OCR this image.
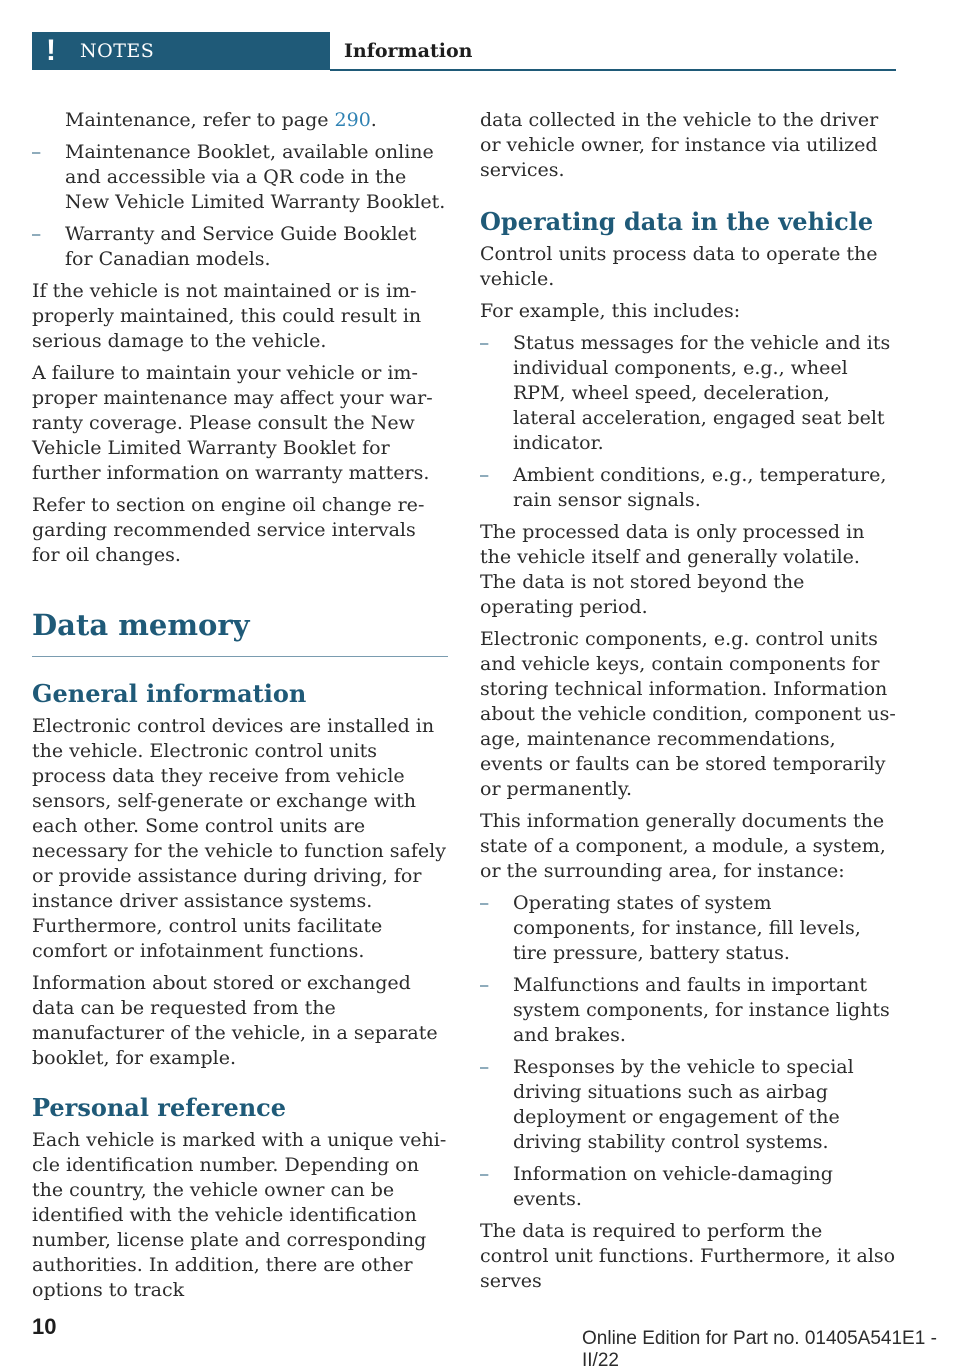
! NOTES	Information

Maintenance, refer to page 290.

– Maintenance Booklet, available online and accessible via a QR code in the New Vehicle Limited Warranty Booklet.
– Warranty and Service Guide Booklet for Canadian models.

If the vehicle is not maintained or is improperly maintained, this could result in serious damage to the vehicle.

A failure to maintain your vehicle or improper maintenance may affect your warranty coverage. Please consult the New Vehicle Limited Warranty Booklet for further information on warranty matters.

Refer to section on engine oil change regarding recommended service intervals for oil changes.

Data memory
General information

Electronic control devices are installed in the vehicle. Electronic control units process data they receive from vehicle sensors, self-generate or exchange with each other. Some control units are necessary for the vehicle to function safely or provide assistance during driving, for instance driver assistance systems. Furthermore, control units facilitate comfort or infotainment functions.

Information about stored or exchanged data can be requested from the manufacturer of the vehicle, in a separate booklet, for example.

Personal reference

Each vehicle is marked with a unique vehicle identification number. Depending on the country, the vehicle owner can be identified with the vehicle identification number, license plate and corresponding authorities. In addition, there are other options to track

data collected in the vehicle to the driver or vehicle owner, for instance via utilized services.

Operating data in the vehicle

Control units process data to operate the vehicle.

For example, this includes:

– Status messages for the vehicle and its individual components, e.g., wheel RPM, wheel speed, deceleration, lateral acceleration, engaged seat belt indicator.
– Ambient conditions, e.g., temperature, rain sensor signals.

The processed data is only processed in the vehicle itself and generally volatile. The data is not stored beyond the operating period.

Electronic components, e.g. control units and vehicle keys, contain components for storing technical information. Information about the vehicle condition, component usage, maintenance recommendations, events or faults can be stored temporarily or permanently.

This information generally documents the state of a component, a module, a system, or the surrounding area, for instance:

– Operating states of system components, for instance, fill levels, tire pressure, battery status.
– Malfunctions and faults in important system components, for instance lights and brakes.
– Responses by the vehicle to special driving situations such as airbag deployment or engagement of the driving stability control systems.
– Information on vehicle-damaging events.

The data is required to perform the control unit functions. Furthermore, it also serves

10	Online Edition for Part no. 01405A541E1 - II/22
